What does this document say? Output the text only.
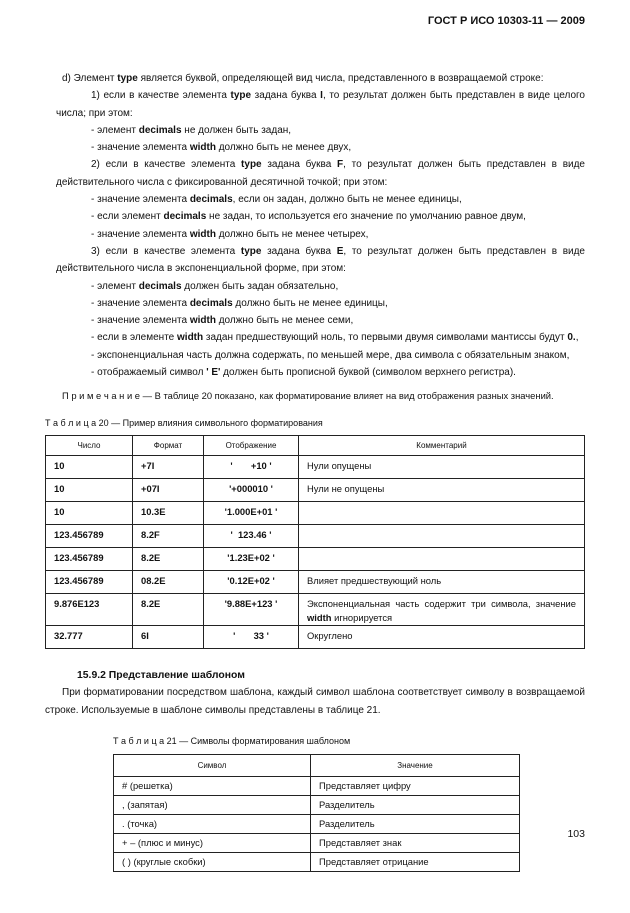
ГОСТ Р ИСО 10303-11 — 2009

d) Элемент type является буквой, определяющей вид числа, представленного в возвращаемой строке:

1) если в качестве элемента type задана буква I, то результат должен быть представлен в виде целого числа; при этом:

- элемент decimals не должен быть задан,

- значение элемента width должно быть не менее двух,

2) если в качестве элемента type задана буква F, то результат должен быть представлен в виде действительного числа с фиксированной десятичной точкой; при этом:

- значение элемента decimals, если он задан, должно быть не менее единицы,

- если элемент decimals не задан, то используется его значение по умолчанию равное двум,

- значение элемента width должно быть не менее четырех,

3) если в качестве элемента type задана буква E, то результат должен быть представлен в виде действительного числа в экспоненциальной форме, при этом:

- элемент decimals должен быть задан обязательно,

- значение элемента decimals должно быть не менее единицы,

- значение элемента width должно быть не менее семи,

- если в элементе width задан предшествующий ноль, то первыми двумя символами мантиссы будут 0.,

- экспоненциальная часть должна содержать, по меньшей мере, два символа с обязательным знаком,

- отображаемый символ ' E' должен быть прописной буквой (символом верхнего регистра).

П р и м е ч а н и е — В таблице 20 показано, как форматирование влияет на вид отображения разных значений.

Т а б л и ц а 20 — Пример влияния символьного форматирования
Число	Формат	Отображение	Комментарий
10	+7I	'       +10 '	Нули опущены
10	+07I	'+000010 '	Нули не опущены
10	10.3E	'1.000E+01 '	
123.456789	8.2F	'  123.46 '	
123.456789	8.2E	'1.23E+02 '	
123.456789	08.2E	'0.12E+02 '	Влияет предшествующий ноль
9.876E123	8.2E	'9.88E+123 '	Экспоненциальная часть содержит три символа, значение width игнорируется
32.777	6I	'       33 '	Округлено
15.9.2 Представление шаблоном

При форматировании посредством шаблона, каждый символ шаблона соответствует символу в возвращаемой строке. Используемые в шаблоне символы представлены в таблице 21.

Т а б л и ц а 21 — Символы форматирования шаблоном
Символ	Значение
# (решетка)	Представляет цифру
, (запятая)	Разделитель
. (точка)	Разделитель
+ – (плюс и минус)	Представляет знак
( ) (круглые скобки)	Представляет отрицание
103
